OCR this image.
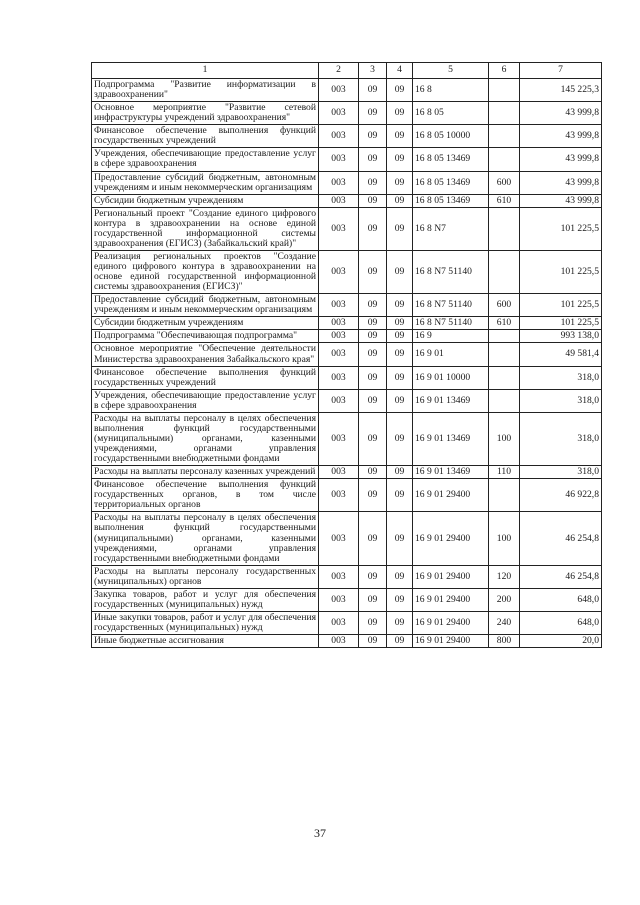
1	2	3	4	5	6	7
Подпрограмма "Развитие информатизации в здравоохранении"	003	09	09	16 8		145 225,3
Основное мероприятие "Развитие сетевой инфраструктуры учреждений здравоохранения"	003	09	09	16 8 05		43 999,8
Финансовое обеспечение выполнения функций государственных учреждений	003	09	09	16 8 05 10000		43 999,8
Учреждения, обеспечивающие предоставление услуг в сфере здравоохранения	003	09	09	16 8 05 13469		43 999,8
Предоставление субсидий бюджетным, автономным учреждениям и иным некоммерческим организациям	003	09	09	16 8 05 13469	600	43 999,8
Субсидии бюджетным учреждениям	003	09	09	16 8 05 13469	610	43 999,8
Региональный проект "Создание единого цифрового контура в здравоохранении на основе единой государственной информационной системы здравоохранения (ЕГИСЗ) (Забайкальский край)"	003	09	09	16 8 N7		101 225,5
Реализация региональных проектов "Создание единого цифрового контура в здравоохранении на основе единой государственной информационной системы здравоохранения (ЕГИСЗ)"	003	09	09	16 8 N7 51140		101 225,5
Предоставление субсидий бюджетным, автономным учреждениям и иным некоммерческим организациям	003	09	09	16 8 N7 51140	600	101 225,5
Субсидии бюджетным учреждениям	003	09	09	16 8 N7 51140	610	101 225,5
Подпрограмма "Обеспечивающая подпрограмма"	003	09	09	16 9		993 138,0
Основное мероприятие "Обеспечение деятельности Министерства здравоохранения Забайкальского края"	003	09	09	16 9 01		49 581,4
Финансовое обеспечение выполнения функций государственных учреждений	003	09	09	16 9 01 10000		318,0
Учреждения, обеспечивающие предоставление услуг в сфере здравоохранения	003	09	09	16 9 01 13469		318,0
Расходы на выплаты персоналу в целях обеспечения выполнения функций государственными (муниципальными) органами, казенными учреждениями, органами управления государственными внебюджетными фондами	003	09	09	16 9 01 13469	100	318,0
Расходы на выплаты персоналу казенных учреждений	003	09	09	16 9 01 13469	110	318,0
Финансовое обеспечение выполнения функций государственных органов, в том числе территориальных органов	003	09	09	16 9 01 29400		46 922,8
Расходы на выплаты персоналу в целях обеспечения выполнения функций государственными (муниципальными) органами, казенными учреждениями, органами управления государственными внебюджетными фондами	003	09	09	16 9 01 29400	100	46 254,8
Расходы на выплаты персоналу государственных (муниципальных) органов	003	09	09	16 9 01 29400	120	46 254,8
Закупка товаров, работ и услуг для обеспечения государственных (муниципальных) нужд	003	09	09	16 9 01 29400	200	648,0
Иные закупки товаров, работ и услуг для обеспечения государственных (муниципальных) нужд	003	09	09	16 9 01 29400	240	648,0
Иные бюджетные ассигнования	003	09	09	16 9 01 29400	800	20,0
37
